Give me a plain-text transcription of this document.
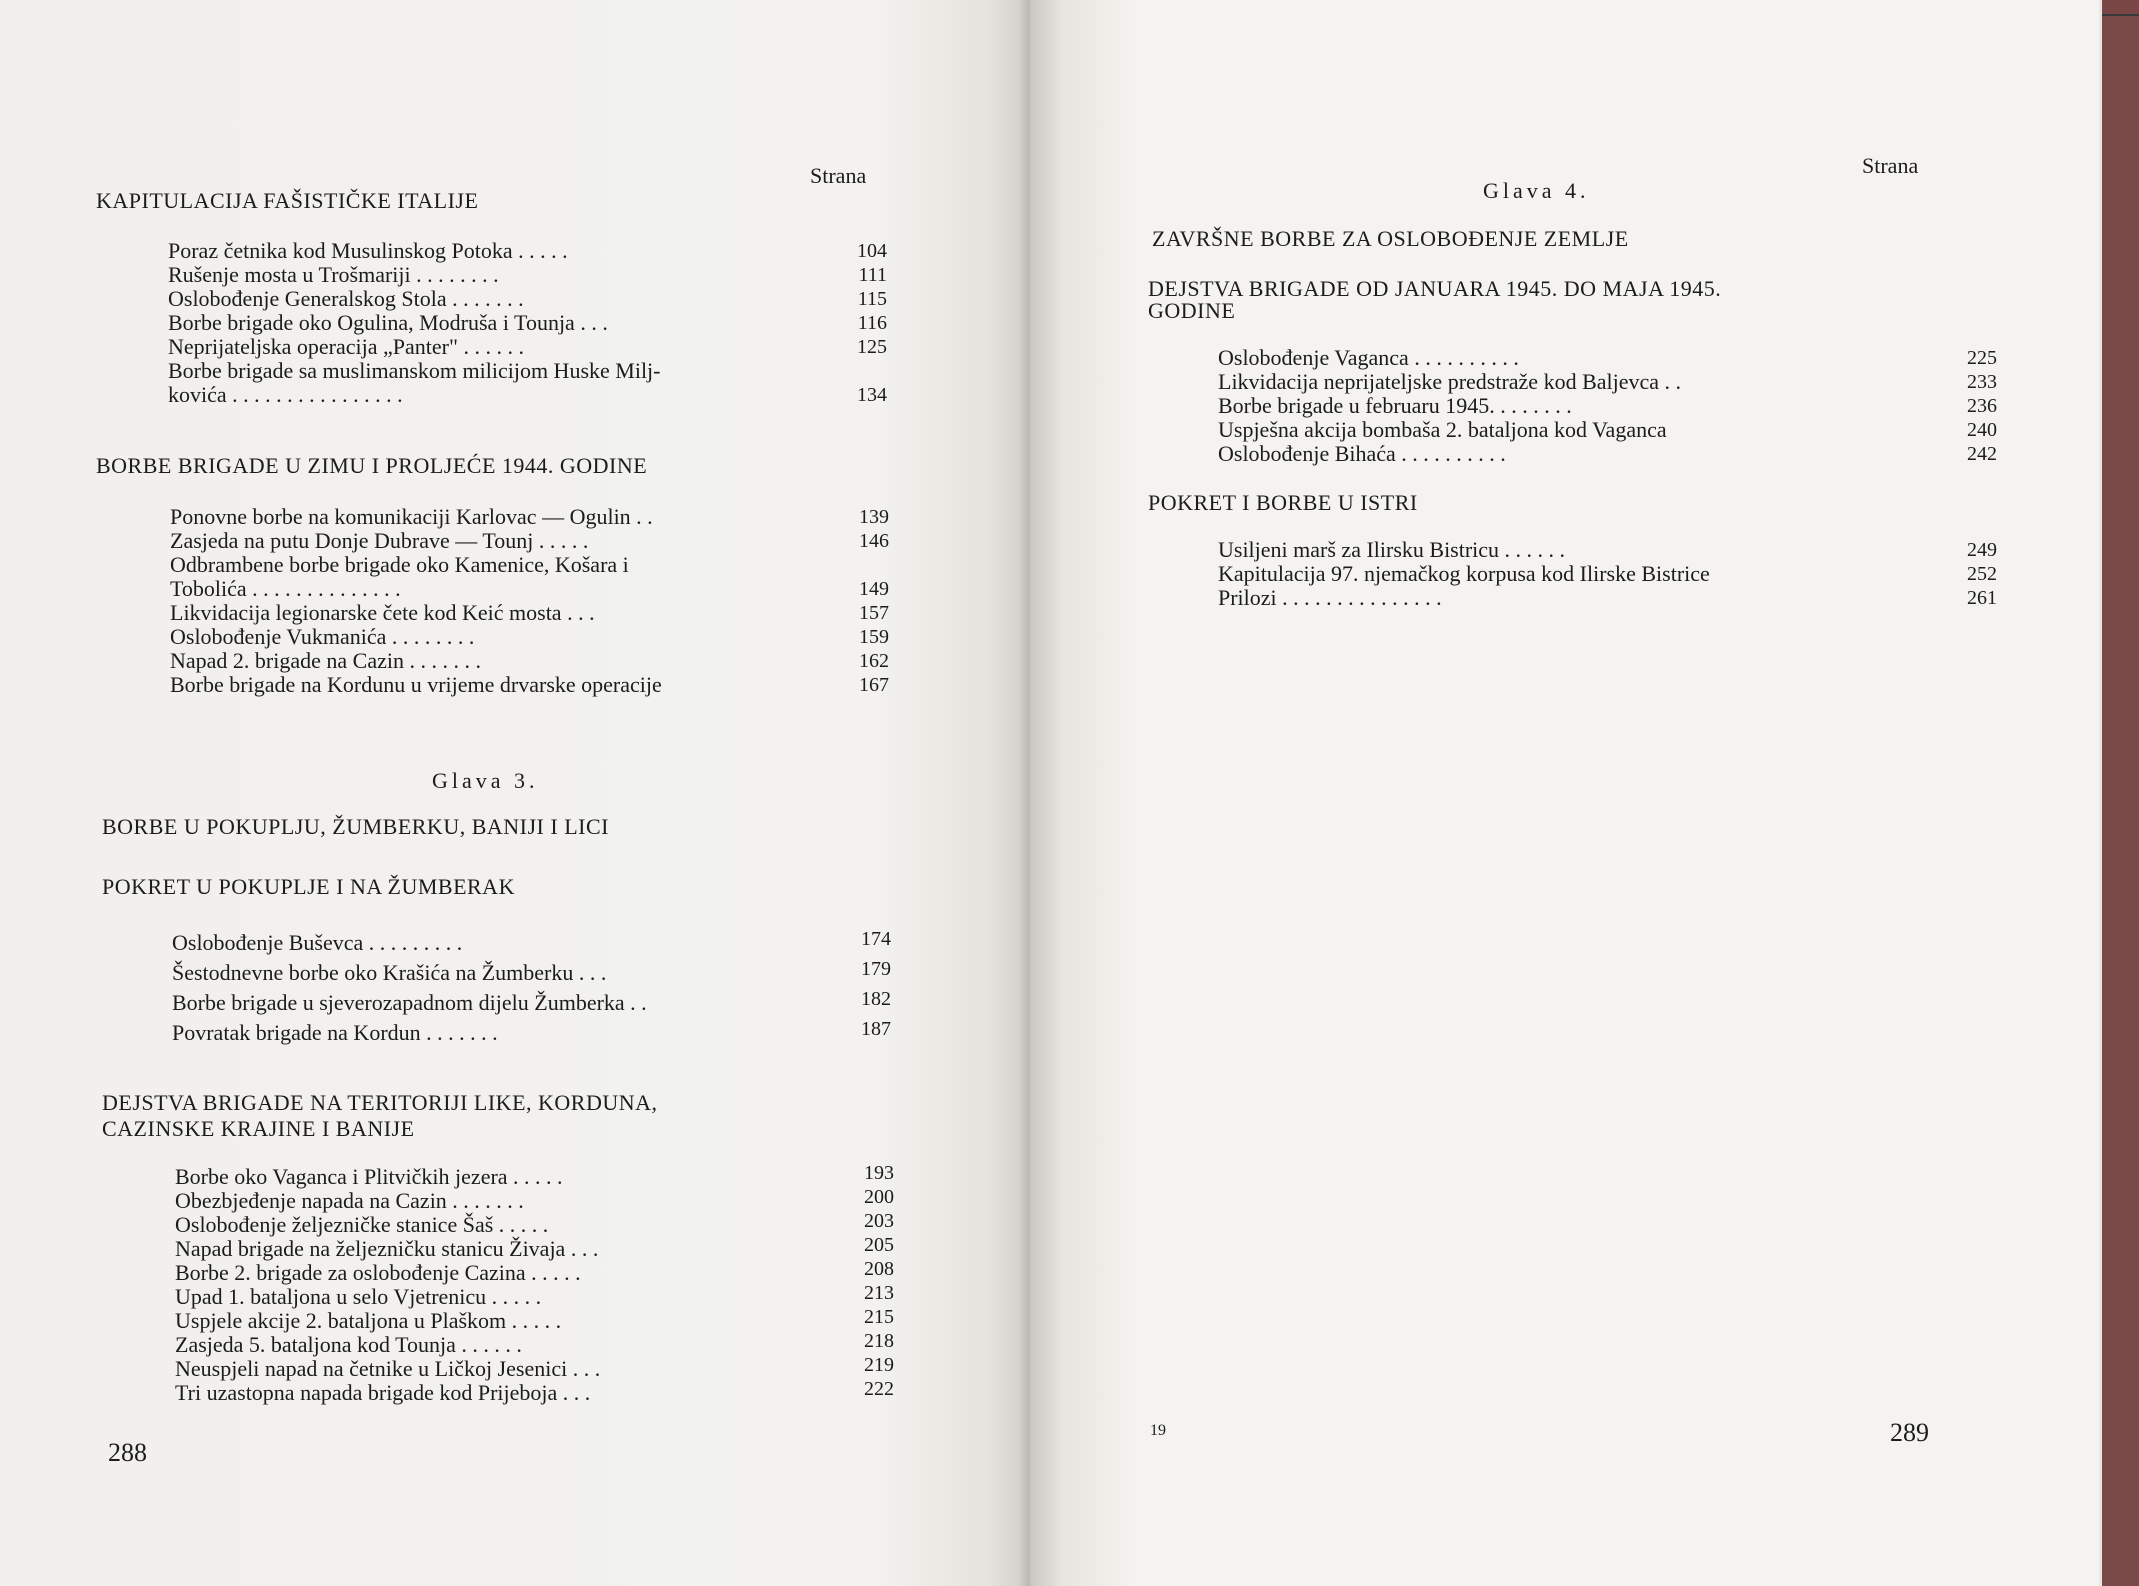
Strana
KAPITULACIJA FAŠISTIČKE ITALIJE
Poraz četnika kod Musulinskog Potoka . . . . .	104
Rušenje mosta u Trošmariji . . . . . . . .	111
Oslobođenje Generalskog Stola . . . . . . .	115
Borbe brigade oko Ogulina, Modruša i Tounja . . .	116
Neprijateljska operacija „Panter" . . . . . .	125
Borbe brigade sa muslimanskom milicijom Huske Milj-
kovića . . . . . . . . . . . . . . . .	134
BORBE BRIGADE U ZIMU I PROLJEĆE 1944. GODINE
Ponovne borbe na komunikaciji Karlovac — Ogulin . .	139
Zasjeda na putu Donje Dubrave — Tounj . . . . .	146
Odbrambene borbe brigade oko Kamenice, Košara i
Tobolića . . . . . . . . . . . . . .	149
Likvidacija legionarske čete kod Keić mosta . . .	157
Oslobođenje Vukmanića . . . . . . . .	159
Napad 2. brigade na Cazin . . . . . . .	162
Borbe brigade na Kordunu u vrijeme drvarske operacije	167
Glava 3.
BORBE U POKUPLJU, ŽUMBERKU, BANIJI I LICI
POKRET U POKUPLJE I NA ŽUMBERAK
Oslobođenje Buševca . . . . . . . . .	174
Šestodnevne borbe oko Krašića na Žumberku . . .	179
Borbe brigade u sjeverozapadnom dijelu Žumberka . .	182
Povratak brigade na Kordun . . . . . . .	187
DEJSTVA BRIGADE NA TERITORIJI LIKE, KORDUNA,
CAZINSKE KRAJINE I BANIJE
Borbe oko Vaganca i Plitvičkih jezera . . . . .	193
Obezbjeđenje napada na Cazin . . . . . . .	200
Oslobođenje željezničke stanice Šaš . . . . .	203
Napad brigade na željezničku stanicu Živaja . . .	205
Borbe 2. brigade za oslobođenje Cazina . . . . .	208
Upad 1. bataljona u selo Vjetrenicu . . . . .	213
Uspjele akcije 2. bataljona u Plaškom . . . . .	215
Zasjeda 5. bataljona kod Tounja . . . . . .	218
Neuspjeli napad na četnike u Ličkoj Jesenici . . .	219
Tri uzastopna napada brigade kod Prijeboja . . .	222
288
Strana
Glava 4.
ZAVRŠNE BORBE ZA OSLOBOĐENJE ZEMLJE
DEJSTVA BRIGADE OD JANUARA 1945. DO MAJA 1945.
GODINE
Oslobođenje Vaganca . . . . . . . . . .	225
Likvidacija neprijateljske predstraže kod Baljevca . .	233
Borbe brigade u februaru 1945. . . . . . . .	236
Uspješna akcija bombaša 2. bataljona kod Vaganca	240
Oslobođenje Bihaća . . . . . . . . . .	242
POKRET I BORBE U ISTRI
Usiljeni marš za Ilirsku Bistricu . . . . . .	249
Kapitulacija 97. njemačkog korpusa kod Ilirske Bistrice	252
Prilozi . . . . . . . . . . . . . . .	261
19	289
